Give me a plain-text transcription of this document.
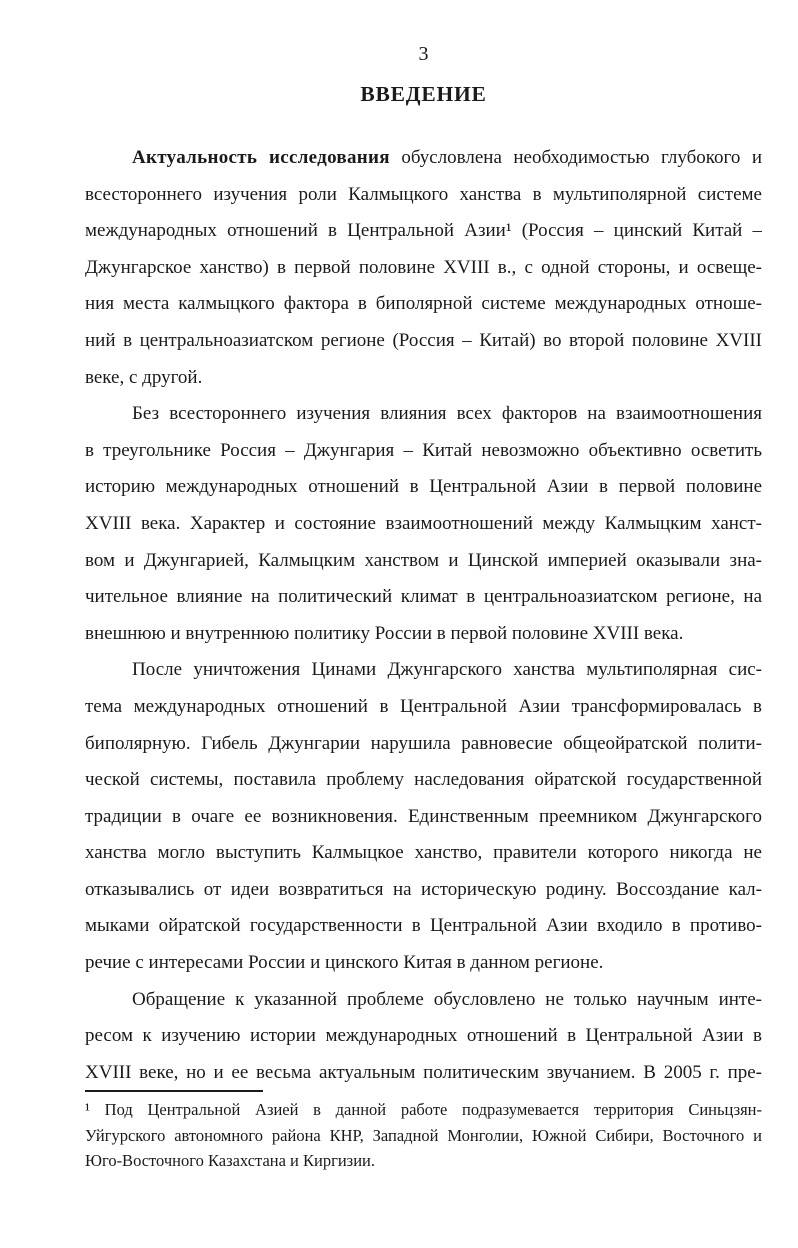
3
ВВЕДЕНИЕ
Актуальность исследования обусловлена необходимостью глубокого и
всестороннего изучения роли Калмыцкого ханства в мультиполярной системе
международных отношений в Центральной Азии¹ (Россия – цинский Китай –
Джунгарское ханство) в первой половине XVIII в., с одной стороны, и освеще-
ния места калмыцкого фактора в биполярной системе международных отноше-
ний в центральноазиатском регионе (Россия – Китай) во второй половине XVIII
веке, с другой.
Без всестороннего изучения влияния всех факторов на взаимоотношения
в треугольнике Россия – Джунгария – Китай невозможно объективно осветить
историю международных отношений в Центральной Азии в первой половине
XVIII века. Характер и состояние взаимоотношений между Калмыцким ханст-
вом и Джунгарией, Калмыцким ханством и Цинской империей оказывали зна-
чительное влияние на политический климат в центральноазиатском регионе, на
внешнюю и внутреннюю политику России в первой половине XVIII века.
После уничтожения Цинами Джунгарского ханства мультиполярная сис-
тема международных отношений в Центральной Азии трансформировалась в
биполярную. Гибель Джунгарии нарушила равновесие общеойратской полити-
ческой системы, поставила проблему наследования ойратской государственной
традиции в очаге ее возникновения. Единственным преемником Джунгарского
ханства могло выступить Калмыцкое ханство, правители которого никогда не
отказывались от идеи возвратиться на историческую родину. Воссоздание кал-
мыками ойратской государственности в Центральной Азии входило в противо-
речие с интересами России и цинского Китая в данном регионе.
Обращение к указанной проблеме обусловлено не только научным инте-
ресом к изучению истории международных отношений в Центральной Азии в
XVIII веке, но и ее весьма актуальным политическим звучанием. В 2005 г. пре-
¹ Под Центральной Азией в данной работе подразумевается территория Синьцзян-
Уйгурского автономного района КНР, Западной Монголии, Южной Сибири, Восточного и
Юго-Восточного Казахстана и Киргизии.
